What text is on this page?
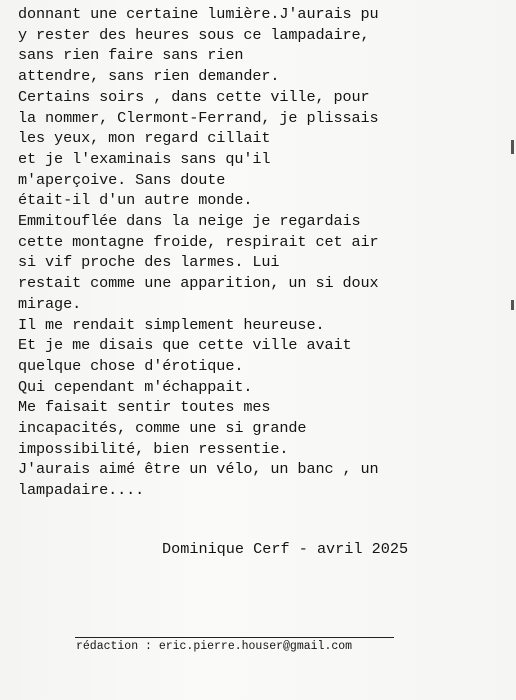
donnant une certaine lumière.J'aurais pu
y rester des heures sous ce lampadaire,
sans rien faire sans rien
attendre, sans rien demander.
Certains soirs , dans cette ville, pour
la nommer, Clermont-Ferrand, je plissais
les yeux, mon regard cillait
et je l'examinais sans qu'il
m'aperçoive. Sans doute
était-il d'un autre monde.
Emmitouflée dans la neige je regardais
cette montagne froide, respirait cet air
si vif proche des larmes. Lui
restait comme une apparition, un si doux
mirage.
Il me rendait simplement heureuse.
Et je me disais que cette ville avait
quelque chose d'érotique.
Qui cependant m'échappait.
Me faisait sentir toutes mes
incapacités, comme une si grande
impossibilité, bien ressentie.
J'aurais aimé être un vélo, un banc , un
lampadaire....
Dominique Cerf - avril 2025
rédaction : eric.pierre.houser@gmail.com
